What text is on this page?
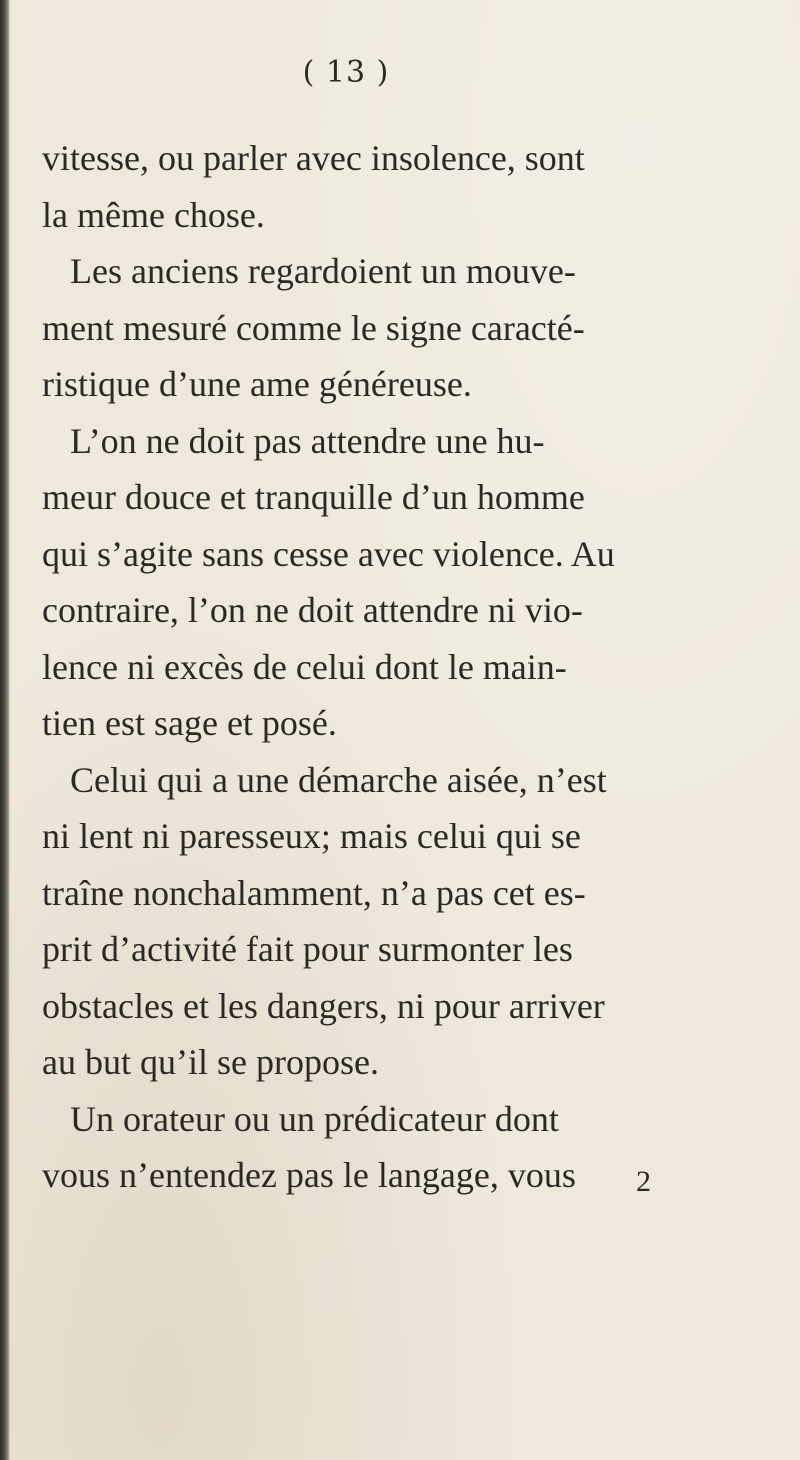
( 13 )
vitesse, ou parler avec insolence, sont
la même chose.
Les anciens regardoient un mouve-
ment mesuré comme le signe caracté-
ristique d’une ame généreuse.
L’on ne doit pas attendre une hu-
meur douce et tranquille d’un homme
qui s’agite sans cesse avec violence. Au
contraire, l’on ne doit attendre ni vio-
lence ni excès de celui dont le main-
tien est sage et posé.
Celui qui a une démarche aisée, n’est
ni lent ni paresseux; mais celui qui se
traîne nonchalamment, n’a pas cet es-
prit d’activité fait pour surmonter les
obstacles et les dangers, ni pour arriver
au but qu’il se propose.
Un orateur ou un prédicateur dont
vous n’entendez pas le langage, vous	2
